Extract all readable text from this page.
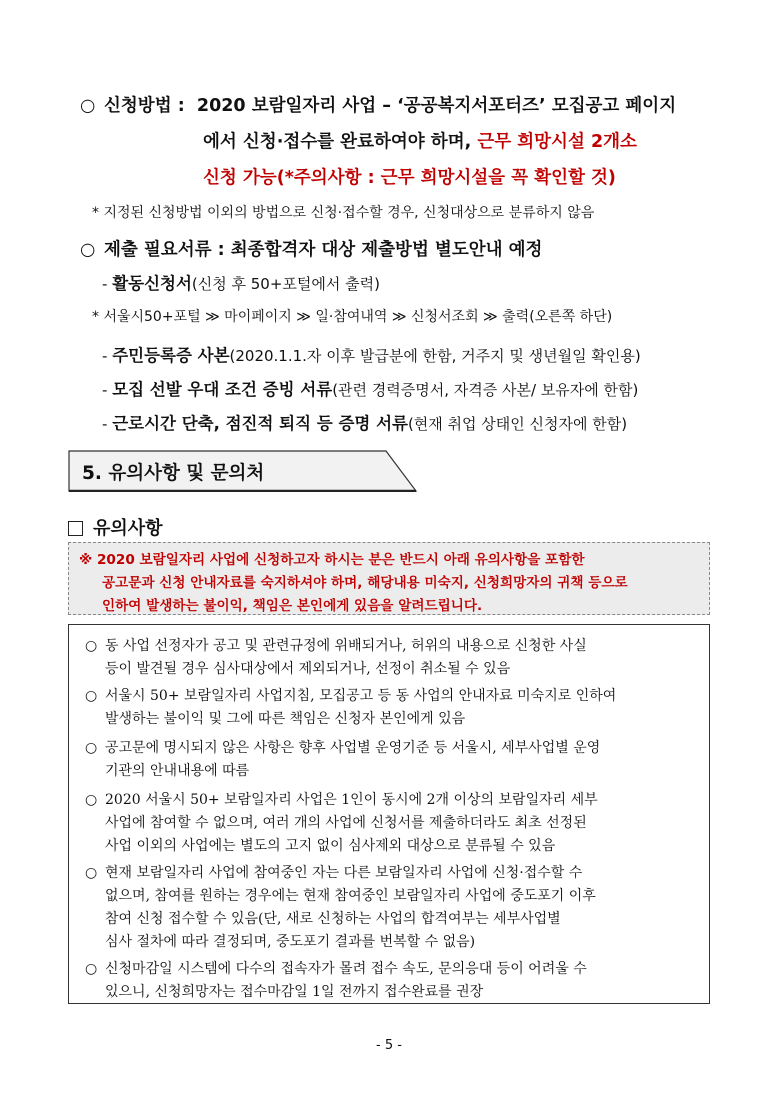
○ 신청방법 : 2020 보람일자리 사업 – ‘공공복지서포터즈’ 모집공고 페이지
에서 신청·접수를 완료하여야 하며, 근무 희망시설 2개소
신청 가능(*주의사항 : 근무 희망시설을 꼭 확인할 것)
* 지정된 신청방법 이외의 방법으로 신청·접수할 경우, 신청대상으로 분류하지 않음
○ 제출 필요서류 : 최종합격자 대상 제출방법 별도안내 예정
- 활동신청서(신청 후 50+포털에서 출력)
* 서울시50+포털 ≫ 마이페이지 ≫ 일·참여내역 ≫ 신청서조회 ≫ 출력(오른쪽 하단)
- 주민등록증 사본(2020.1.1.자 이후 발급분에 한함, 거주지 및 생년월일 확인용)
- 모집 선발 우대 조건 증빙 서류(관련 경력증명서, 자격증 사본/ 보유자에 한함)
- 근로시간 단축, 점진적 퇴직 등 증명 서류(현재 취업 상태인 신청자에 한함)
5. 유의사항 및 문의처
유의사항
※ 2020 보람일자리 사업에 신청하고자 하시는 분은 반드시 아래 유의사항을 포함한
공고문과 신청 안내자료를 숙지하셔야 하며, 해당내용 미숙지, 신청희망자의 귀책 등으로
인하여 발생하는 불이익, 책임은 본인에게 있음을 알려드립니다.
○ 동 사업 선정자가 공고 및 관련규정에 위배되거나, 허위의 내용으로 신청한 사실
등이 발견될 경우 심사대상에서 제외되거나, 선정이 취소될 수 있음
○ 서울시 50+ 보람일자리 사업지침, 모집공고 등 동 사업의 안내자료 미숙지로 인하여
발생하는 불이익 및 그에 따른 책임은 신청자 본인에게 있음
○ 공고문에 명시되지 않은 사항은 향후 사업별 운영기준 등 서울시, 세부사업별 운영
기관의 안내내용에 따름
○ 2020 서울시 50+ 보람일자리 사업은 1인이 동시에 2개 이상의 보람일자리 세부
사업에 참여할 수 없으며, 여러 개의 사업에 신청서를 제출하더라도 최초 선정된
사업 이외의 사업에는 별도의 고지 없이 심사제외 대상으로 분류될 수 있음
○ 현재 보람일자리 사업에 참여중인 자는 다른 보람일자리 사업에 신청·접수할 수
없으며, 참여를 원하는 경우에는 현재 참여중인 보람일자리 사업에 중도포기 이후
참여 신청 접수할 수 있음(단, 새로 신청하는 사업의 합격여부는 세부사업별
심사 절차에 따라 결정되며, 중도포기 결과를 번복할 수 없음)
○ 신청마감일 시스템에 다수의 접속자가 몰려 접수 속도, 문의응대 등이 어려울 수
있으니, 신청희망자는 접수마감일 1일 전까지 접수완료를 권장
- 5 -
